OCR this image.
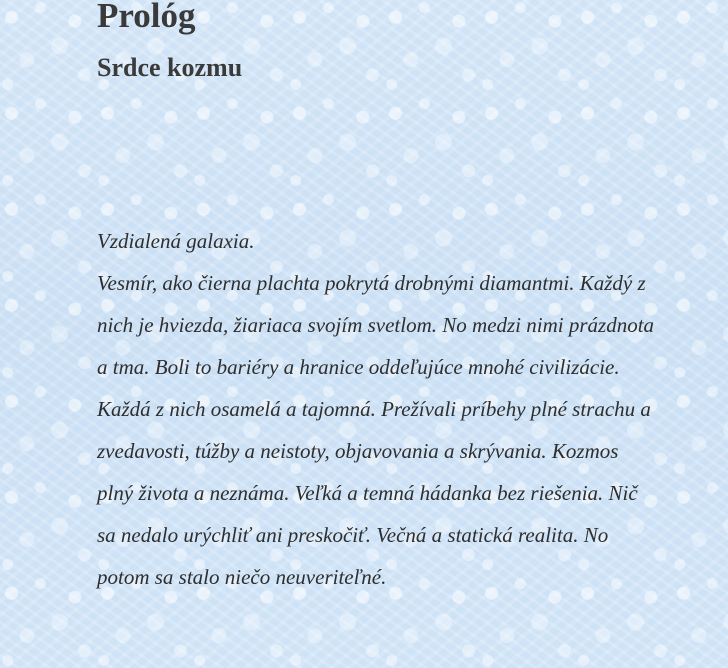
Prológ
Srdce kozmu

Vzdialená galaxia.

Vesmír, ako čierna plachta pokrytá drobnými diamantmi. Každý z nich je hviezda, žiariaca svojím svetlom. No medzi nimi prázdnota a tma. Boli to bariéry a hranice oddeľujúce mnohé civilizácie. Každá z nich osamelá a tajomná. Prežívali príbehy plné strachu a zvedavosti, túžby a neistoty, objavovania a skrývania. Kozmos plný života a neznáma. Veľká a temná hádanka bez riešenia. Nič sa nedalo urýchliť ani preskočiť. Večná a statická realita. No potom sa stalo niečo neuveriteľné.
